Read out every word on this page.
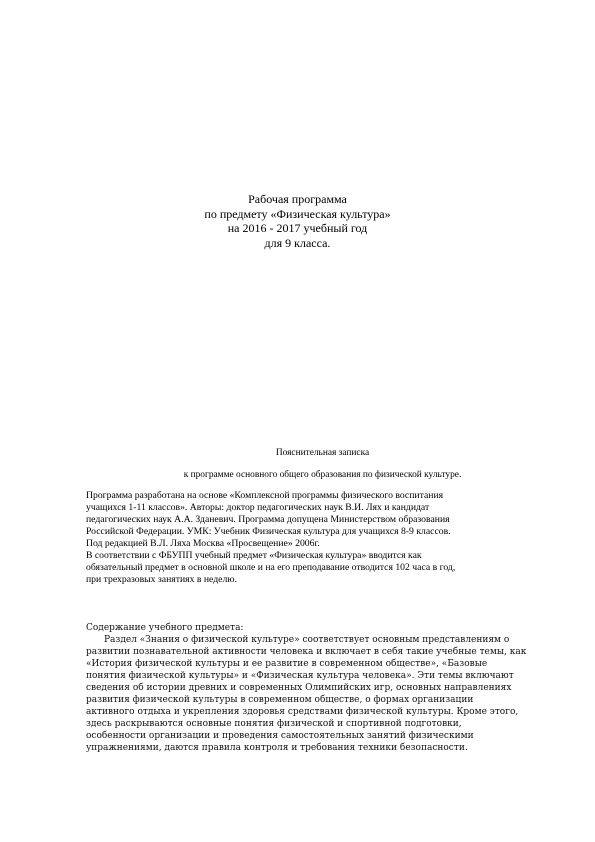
Рабочая программа
по предмету «Физическая культура»
на 2016 - 2017 учебный год
для 9 класса.
Пояснительная записка
к программе основного общего образования по физической культуре.
Программа разработана на основе «Комплексной программы физического воспитания
учащихся 1-11 классов». Авторы: доктор педагогических наук В.И. Лях и кандидат
педагогических наук А.А. Зданевич. Программа допущена Министерством образования
Российской Федерации. УМК: Учебник Физическая культура для учащихся 8-9 классов.
Под редакцией В.Л. Ляха Москва «Просвещение» 2006г.
В соответствии с ФБУПП учебный предмет «Физическая культура» вводится как
обязательный предмет в основной школе и на его преподавание отводится 102 часа в год,
при трехразовых занятиях в неделю.
Содержание учебного предмета:
Раздел «Знания о физической культуре» соответствует основным представлениям о
развитии познавательной активности человека и включает в себя такие учебные темы, как
«История физической культуры и ее развитие в современном обществе», «Базовые
понятия физической культуры» и «Физическая культура человека». Эти темы включают
сведения об истории древних и современных Олимпийских игр, основных направлениях
развития физической культуры в современном обществе, о формах организации
активного отдыха и укрепления здоровья средствами физической культуры. Кроме этого,
здесь раскрываются основные понятия физической и спортивной подготовки,
особенности организации и проведения самостоятельных занятий физическими
упражнениями, даются правила контроля и требования техники безопасности.
